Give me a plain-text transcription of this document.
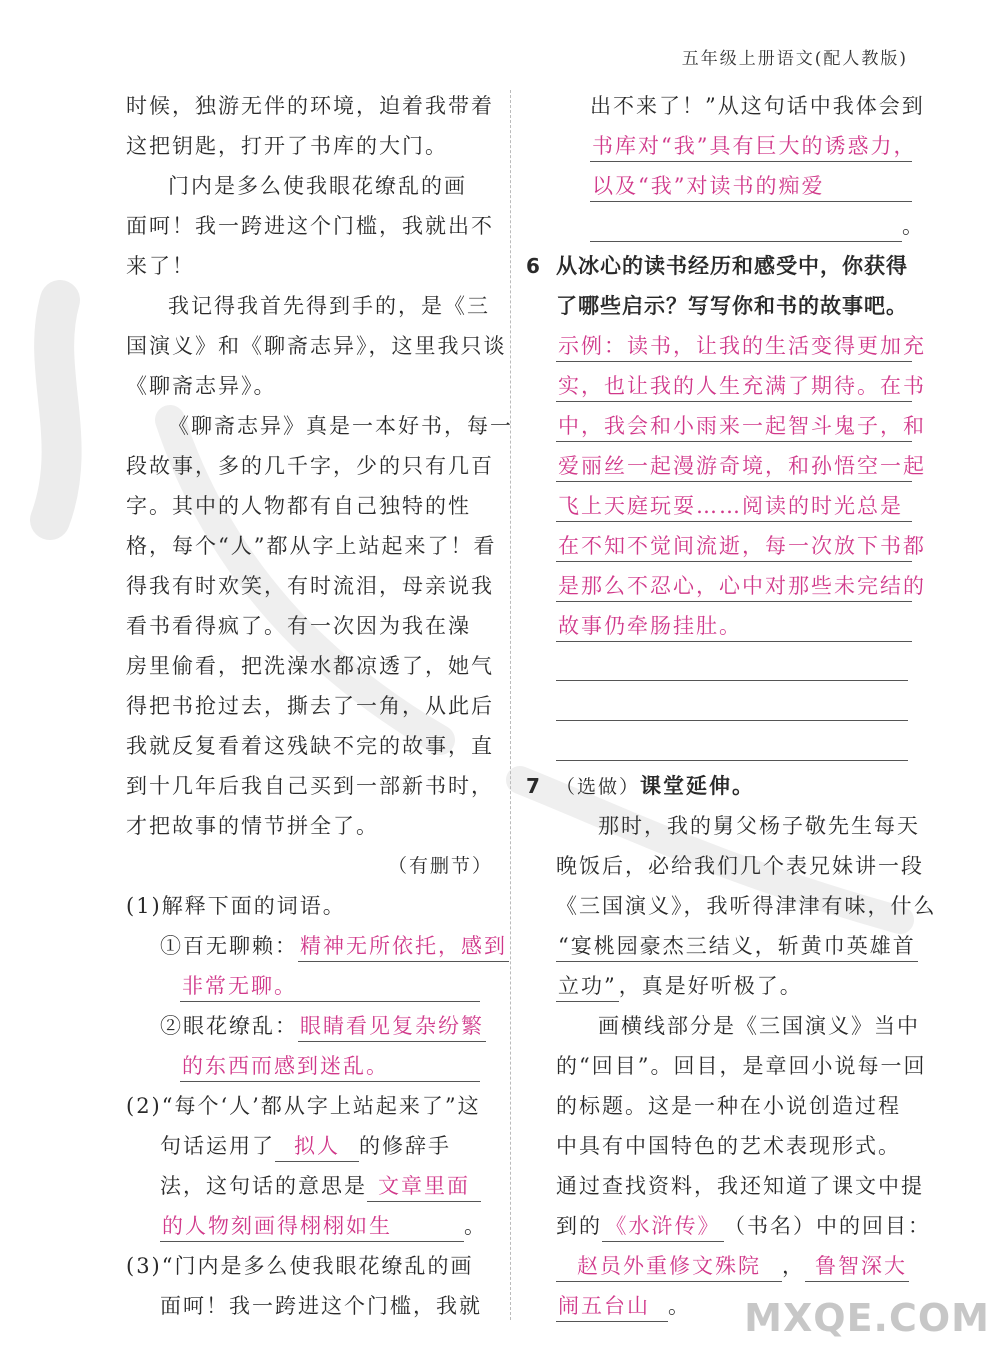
五年级上册语文(配人教版)
时候，独游无伴的环境，迫着我带着
这把钥匙，打开了书库的大门。
门内是多么使我眼花缭乱的画
面呵！我一跨进这个门槛，我就出不
来了！
我记得我首先得到手的，是《三
国演义》和《聊斋志异》，这里我只谈
《聊斋志异》。
《聊斋志异》真是一本好书，每一
段故事，多的几千字，少的只有几百
字。其中的人物都有自己独特的性
格，每个“人”都从字上站起来了！看
得我有时欢笑，有时流泪，母亲说我
看书看得疯了。有一次因为我在澡
房里偷看，把洗澡水都凉透了，她气
得把书抢过去，撕去了一角，从此后
我就反复看着这残缺不完的故事，直
到十几年后我自己买到一部新书时，
才把故事的情节拼全了。
（有删节）
(1)解释下面的词语。
①百无聊赖：精神无所依托，感到
非常无聊。
②眼花缭乱：眼睛看见复杂纷繁
的东西而感到迷乱。
(2)“每个‘人’都从字上站起来了”这
句话运用了 拟人 的修辞手
法，这句话的意思是 文章里面
的人物刻画得栩栩如生	。
(3)“门内是多么使我眼花缭乱的画
面呵！我一跨进这个门槛，我就
出不来了！”从这句话中我体会到
书库对“我”具有巨大的诱惑力，
以及“我”对读书的痴爱
。
6 从冰心的读书经历和感受中，你获得
了哪些启示？写写你和书的故事吧。
示例：读书，让我的生活变得更加充
实，也让我的人生充满了期待。在书
中，我会和小雨来一起智斗鬼子，和
爱丽丝一起漫游奇境，和孙悟空一起
飞上天庭玩耍……阅读的时光总是
在不知不觉间流逝，每一次放下书都
是那么不忍心，心中对那些未完结的
故事仍牵肠挂肚。
7 （选做）课堂延伸。
那时，我的舅父杨子敬先生每天
晚饭后，必给我们几个表兄妹讲一段
《三国演义》，我听得津津有味，什么
“宴桃园豪杰三结义，斩黄巾英雄首
立功”，真是好听极了。
画横线部分是《三国演义》当中
的“回目”。回目，是章回小说每一回
的标题。这是一种在小说创造过程
中具有中国特色的艺术表现形式。
通过查找资料，我还知道了课文中提
到的 《水浒传》 （书名）中的回目：
赵员外重修文殊院 ， 鲁智深大
闹五台山 。 MXQE.COM
